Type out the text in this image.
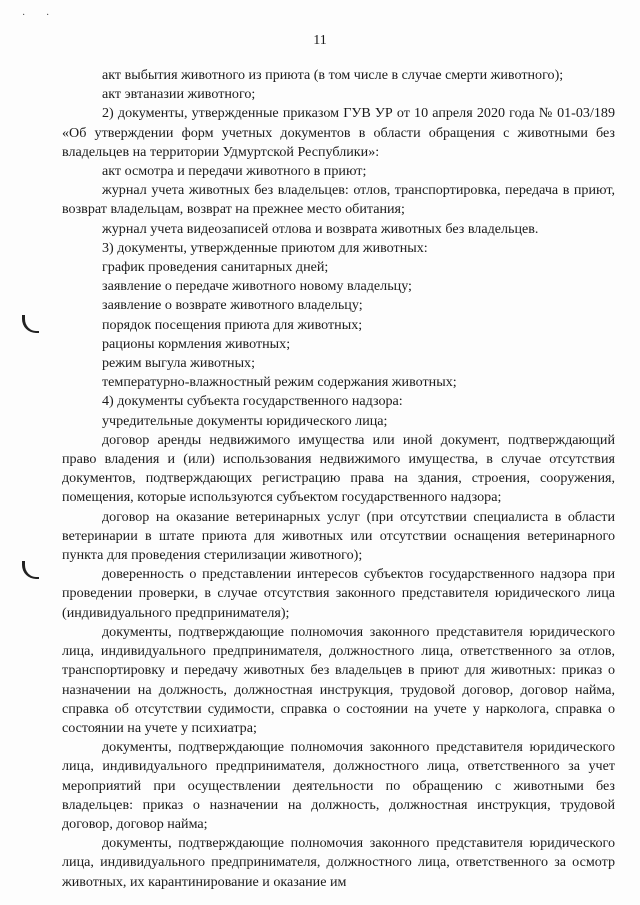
· ·
11

акт выбытия животного из приюта (в том числе в случае смерти животного);

акт эвтаназии животного;

2) документы, утвержденные приказом ГУВ УР от 10 апреля 2020 года № 01-03/189 «Об утверждении форм учетных документов в области обращения с животными без владельцев на территории Удмуртской Республики»:

акт осмотра и передачи животного в приют;

журнал учета животных без владельцев: отлов, транспортировка, передача в приют, возврат владельцам, возврат на прежнее место обитания;

журнал учета видеозаписей отлова и возврата животных без владельцев.

3) документы, утвержденные приютом для животных:

график проведения санитарных дней;

заявление о передаче животного новому владельцу;

заявление о возврате животного владельцу;

порядок посещения приюта для животных;

рационы кормления животных;

режим выгула животных;

температурно-влажностный режим содержания животных;

4) документы субъекта государственного надзора:

учредительные документы юридического лица;

договор аренды недвижимого имущества или иной документ, подтверждающий право владения и (или) использования недвижимого имущества, в случае отсутствия документов, подтверждающих регистрацию права на здания, строения, сооружения, помещения, которые используются субъектом государственного надзора;

договор на оказание ветеринарных услуг (при отсутствии специалиста в области ветеринарии в штате приюта для животных или отсутствии оснащения ветеринарного пункта для проведения стерилизации животного);

доверенность о представлении интересов субъектов государственного надзора при проведении проверки, в случае отсутствия законного представителя юридического лица (индивидуального предпринимателя);

документы, подтверждающие полномочия законного представителя юридического лица, индивидуального предпринимателя, должностного лица, ответственного за отлов, транспортировку и передачу животных без владельцев в приют для животных: приказ о назначении на должность, должностная инструкция, трудовой договор, договор найма, справка об отсутствии судимости, справка о состоянии на учете у нарколога, справка о состоянии на учете у психиатра;

документы, подтверждающие полномочия законного представителя юридического лица, индивидуального предпринимателя, должностного лица, ответственного за учет мероприятий при осуществлении деятельности по обращению с животными без владельцев: приказ о назначении на должность, должностная инструкция, трудовой договор, договор найма;

документы, подтверждающие полномочия законного представителя юридического лица, индивидуального предпринимателя, должностного лица, ответственного за осмотр животных, их карантинирование и оказание им
